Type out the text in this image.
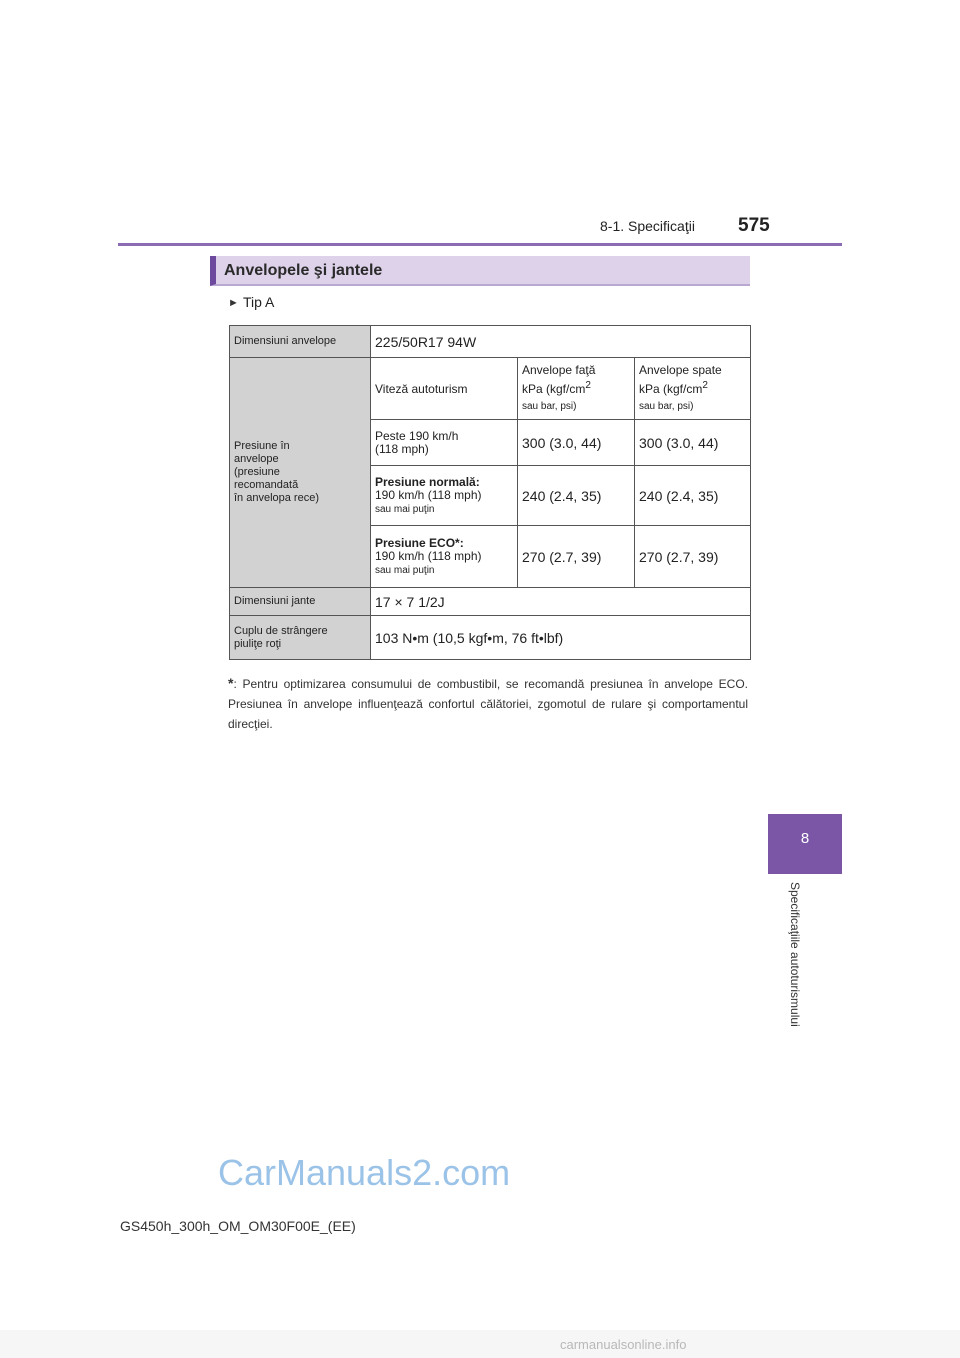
8-1. Specificaţii 575
Anvelopele şi jantele
► Tip A
Dimensiuni anvelope	225/50R17 94W		
Presiune în
anvelope
(presiune
recomandată
în anvelopa rece)	Viteză autoturism	Anvelope faţă
kPa ($kgf/cm^2$
sau bar, psi)	Anvelope spate
kPa ($kgf/cm^2$
sau bar, psi)
	Peste 190 km/h
(118 mph)	300 (3.0, 44)	300 (3.0, 44)
	Presiune normală:
190 km/h (118 mph)
sau mai puţin	240 (2.4, 35)	240 (2.4, 35)
	Presiune ECO*:
190 km/h (118 mph)
sau mai puţin	270 (2.7, 39)	270 (2.7, 39)
Dimensiuni jante	17 × 7 1/2J		
Cuplu de strângere
piuliţe roţi	103 N•m (10,5 kgf•m, 76 ft•lbf)		
*: Pentru optimizarea consumului de combustibil, se recomandă presiunea în anvelope ECO. Presiunea în anvelope influenţează confortul călătoriei, zgomotul de rulare şi comportamentul direcţiei.
8
Specificaţiile autoturismului
CarManuals2.com
GS450h_300h_OM_OM30F00E_(EE)
carmanualsonline.info
